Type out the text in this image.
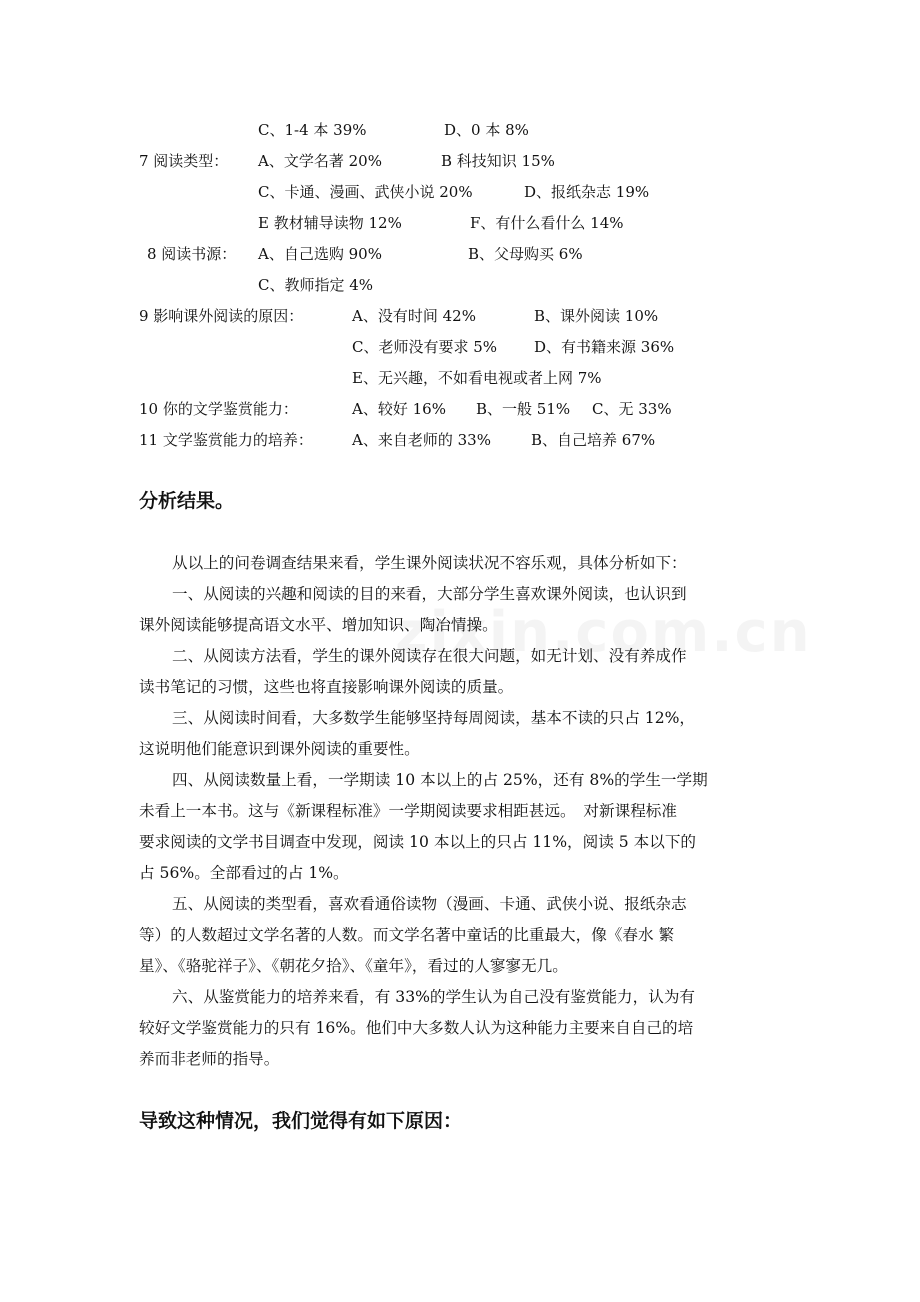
C、1-4 本 39%	D、0 本 8%
7 阅读类型： A、文学名著 20%	B 科技知识 15%
C、卡通、漫画、武侠小说 20%	D、报纸杂志 19%
E 教材辅导读物 12%	F、有什么看什么 14%
8 阅读书源： A、自己选购 90%	B、父母购买 6%
C、教师指定 4%
9 影响课外阅读的原因：	A、没有时间 42%	B、课外阅读 10%
C、老师没有要求 5% D、有书籍来源 36%
E、无兴趣，不如看电视或者上网 7%
10 你的文学鉴赏能力：	A、较好 16% B、一般 51% C、无 33%
11 文学鉴赏能力的培养：	A、来自老师的 33%	B、自己培养 67%
分析结果。
从以上的问卷调查结果来看，学生课外阅读状况不容乐观，具体分析如下：
一、从阅读的兴趣和阅读的目的来看，大部分学生喜欢课外阅读，也认识到
课外阅读能够提高语文水平、增加知识、陶冶情操。
二、从阅读方法看，学生的课外阅读存在很大问题，如无计划、没有养成作
读书笔记的习惯，这些也将直接影响课外阅读的质量。
三、从阅读时间看，大多数学生能够坚持每周阅读，基本不读的只占 12%，
这说明他们能意识到课外阅读的重要性。
四、从阅读数量上看，一学期读 10 本以上的占 25%，还有 8%的学生一学期
未看上一本书。这与《新课程标准》一学期阅读要求相距甚远。　对新课程标准
要求阅读的文学书目调查中发现，阅读 10 本以上的只占 11%，阅读 5 本以下的
占 56%。全部看过的占 1%。
五、从阅读的类型看，喜欢看通俗读物（漫画、卡通、武侠小说、报纸杂志
等）的人数超过文学名著的人数。而文学名著中童话的比重最大，像《春水 繁
星》、《骆驼祥子》、《朝花夕拾》、《童年》，看过的人寥寥无几。
六、从鉴赏能力的培养来看，有 33%的学生认为自己没有鉴赏能力，认为有
较好文学鉴赏能力的只有 16%。他们中大多数人认为这种能力主要来自自己的培
养而非老师的指导。
导致这种情况，我们觉得有如下原因：
